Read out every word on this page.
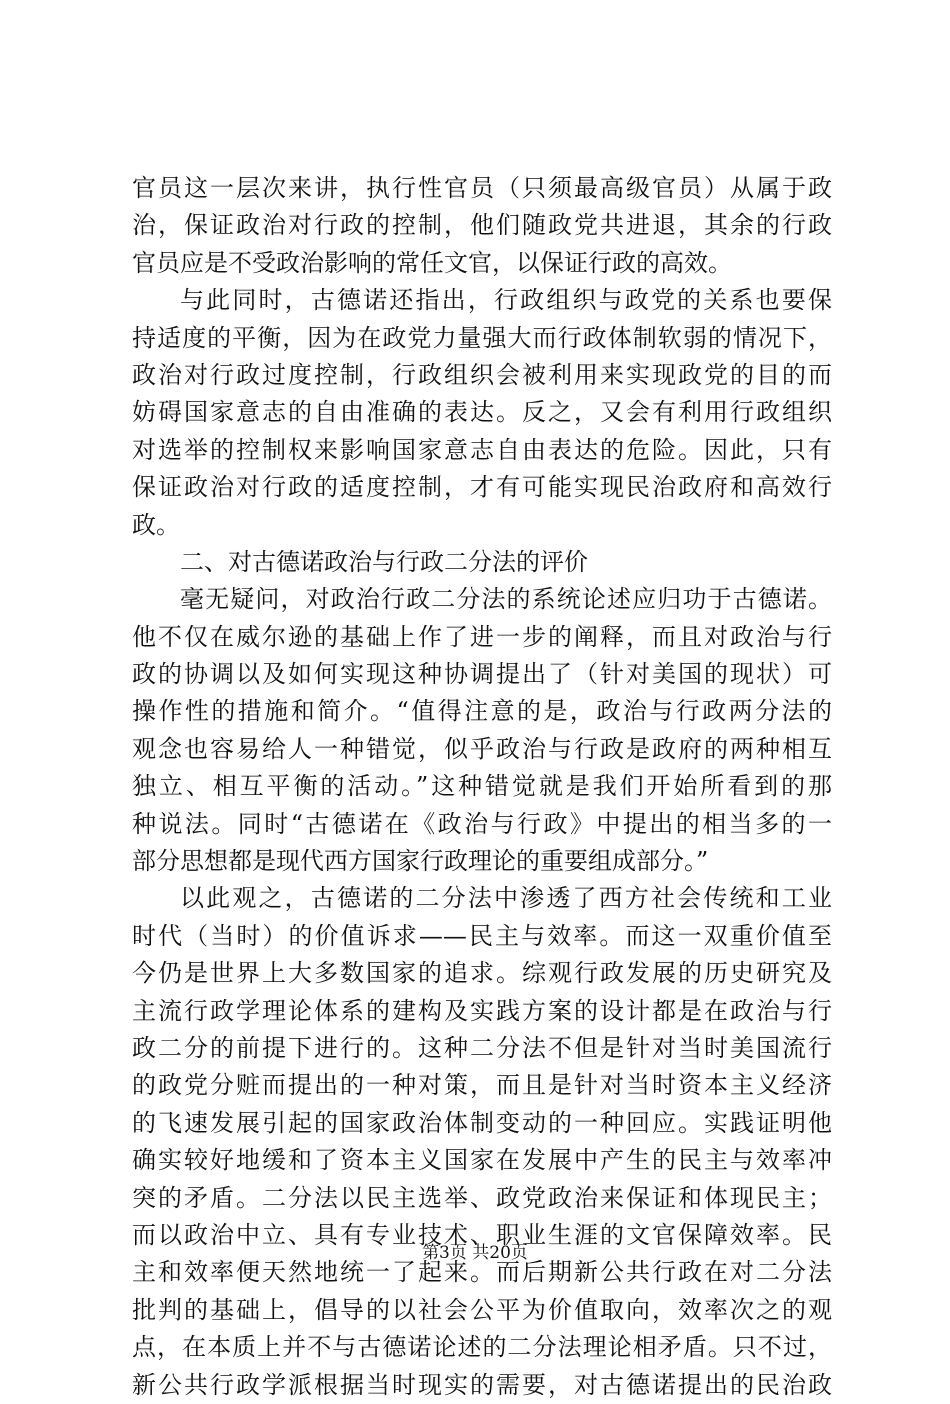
官员这一层次来讲，执行性官员（只须最高级官员）从属于政
治，保证政治对行政的控制，他们随政党共进退，其余的行政
官员应是不受政治影响的常任文官，以保证行政的高效。
与此同时，古德诺还指出，行政组织与政党的关系也要保
持适度的平衡，因为在政党力量强大而行政体制软弱的情况下，
政治对行政过度控制，行政组织会被利用来实现政党的目的而
妨碍国家意志的自由准确的表达。反之，又会有利用行政组织
对选举的控制权来影响国家意志自由表达的危险。因此，只有
保证政治对行政的适度控制，才有可能实现民治政府和高效行
政。
二、对古德诺政治与行政二分法的评价
毫无疑问，对政治行政二分法的系统论述应归功于古德诺。
他不仅在威尔逊的基础上作了进一步的阐释，而且对政治与行
政的协调以及如何实现这种协调提出了（针对美国的现状）可
操作性的措施和简介。“值得注意的是，政治与行政两分法的
观念也容易给人一种错觉，似乎政治与行政是政府的两种相互
独立、相互平衡的活动。”这种错觉就是我们开始所看到的那
种说法。同时“古德诺在《政治与行政》中提出的相当多的一
部分思想都是现代西方国家行政理论的重要组成部分。”
以此观之，古德诺的二分法中渗透了西方社会传统和工业
时代（当时）的价值诉求——民主与效率。而这一双重价值至
今仍是世界上大多数国家的追求。综观行政发展的历史研究及
主流行政学理论体系的建构及实践方案的设计都是在政治与行
政二分的前提下进行的。这种二分法不但是针对当时美国流行
的政党分赃而提出的一种对策，而且是针对当时资本主义经济
的飞速发展引起的国家政治体制变动的一种回应。实践证明他
确实较好地缓和了资本主义国家在发展中产生的民主与效率冲
突的矛盾。二分法以民主选举、政党政治来保证和体现民主；
而以政治中立、具有专业技术、职业生涯的文官保障效率。民
主和效率便天然地统一了起来。而后期新公共行政在对二分法
批判的基础上，倡导的以社会公平为价值取向，效率次之的观
点，在本质上并不与古德诺论述的二分法理论相矛盾。只不过，
新公共行政学派根据当时现实的需要，对古德诺提出的民治政
第3页 共20页
